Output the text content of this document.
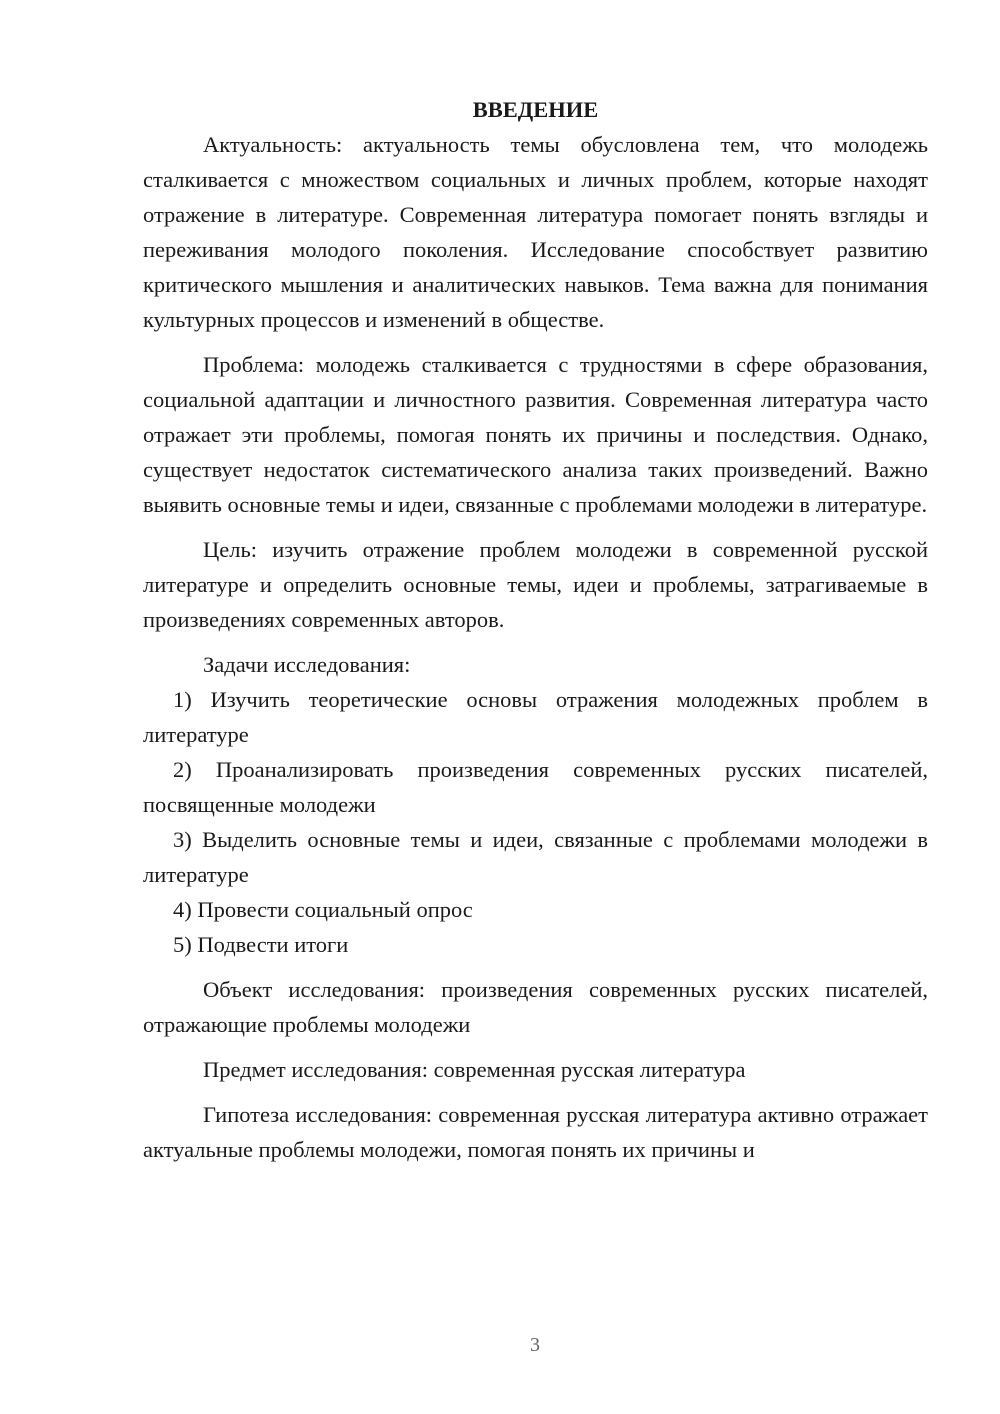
ВВЕДЕНИЕ

Актуальность: актуальность темы обусловлена тем, что молодежь сталкивается с множеством социальных и личных проблем, которые находят отражение в литературе. Современная литература помогает понять взгляды и переживания молодого поколения. Исследование способствует развитию критического мышления и аналитических навыков. Тема важна для понимания культурных процессов и изменений в обществе.

Проблема: молодежь сталкивается с трудностями в сфере образования, социальной адаптации и личностного развития. Современная литература часто отражает эти проблемы, помогая понять их причины и последствия. Однако, существует недостаток систематического анализа таких произведений. Важно выявить основные темы и идеи, связанные с проблемами молодежи в литературе.

Цель: изучить отражение проблем молодежи в современной русской литературе и определить основные темы, идеи и проблемы, затрагиваемые в произведениях современных авторов.

Задачи исследования:

1) Изучить теоретические основы отражения молодежных проблем в литературе

2) Проанализировать произведения современных русских писателей, посвященные молодежи

3) Выделить основные темы и идеи, связанные с проблемами молодежи в литературе

4) Провести социальный опрос

5) Подвести итоги

Объект исследования: произведения современных русских писателей, отражающие проблемы молодежи

Предмет исследования: современная русская литература

Гипотеза исследования: современная русская литература активно отражает актуальные проблемы молодежи, помогая понять их причины и

3
